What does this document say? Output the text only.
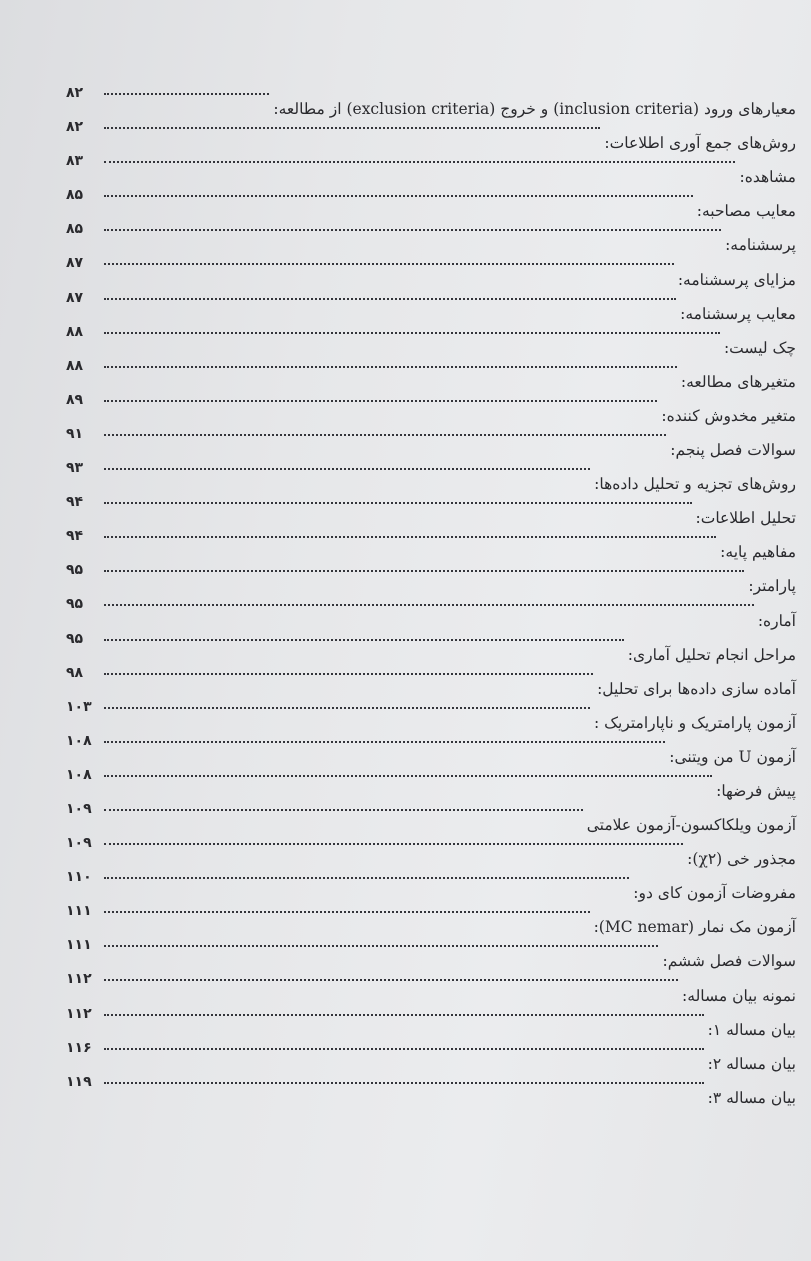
معیارهای ورود (inclusion criteria) و خروج (exclusion criteria) از مطالعه:
۸۲
روش‌های جمع آوری اطلاعات:
۸۲
مشاهده:
۸۳
معایب مصاحبه:
۸۵
پرسشنامه:
۸۵
مزایای پرسشنامه:
۸۷
معایب پرسشنامه:
۸۷
چک لیست:
۸۸
متغیرهای مطالعه:
۸۸
متغیر مخدوش کننده:
۸۹
سوالات فصل پنجم:
۹۱
روش‌های تجزیه و تحلیل داده‌ها:
۹۳
تحلیل اطلاعات:
۹۴
مفاهیم پایه:
۹۴
پارامتر:
۹۵
آماره:
۹۵
مراحل انجام تحلیل آماری:
۹۵
آماده سازی داده‌ها برای تحلیل:
۹۸
آزمون پارامتریک و ناپارامتریک :
۱۰۳
آزمون U من ویتنی:
۱۰۸
پیش فرضها:
۱۰۸
آزمون ویلکاکسون-آزمون علامتی
۱۰۹
مجذور خی (χ۲):
۱۰۹
مفروضات آزمون کای دو:
۱۱۰
آزمون مک نمار (MC nemar):
۱۱۱
سوالات فصل ششم:
۱۱۱
نمونه بیان مساله:
۱۱۲
بیان مساله ۱:
۱۱۲
بیان مساله ۲:
۱۱۶
بیان مساله ۳:
۱۱۹
